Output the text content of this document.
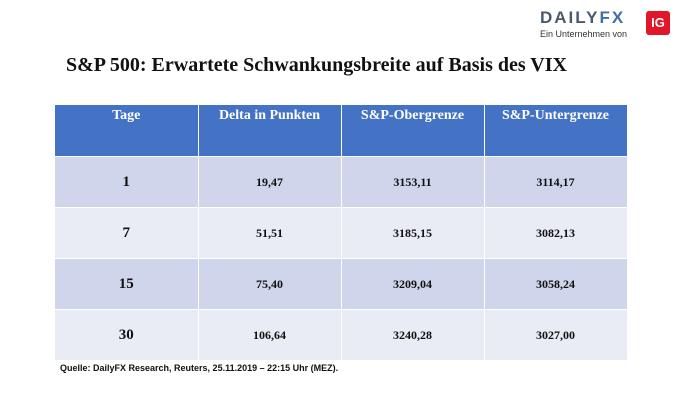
DAILYFX	IG
Ein Unternehmen von
S&P 500: Erwartete Schwankungsbreite auf Basis des VIX
Tage	Delta in Punkten	S&P-Obergrenze	S&P-Untergrenze
1	19,47	3153,11	3114,17
7	51,51	3185,15	3082,13
15	75,40	3209,04	3058,24
30	106,64	3240,28	3027,00
Quelle: DailyFX Research, Reuters, 25.11.2019 – 22:15 Uhr (MEZ).
